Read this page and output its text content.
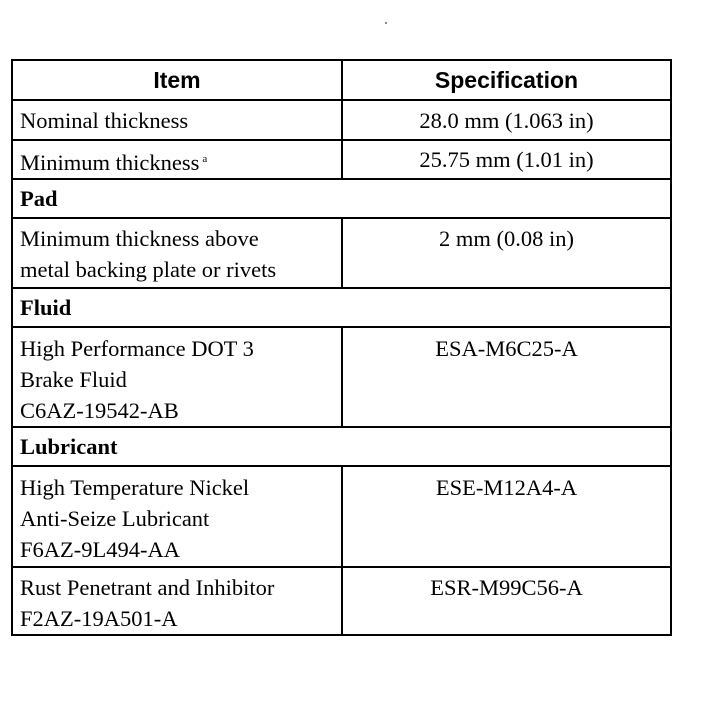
Item	Specification

Nominal thickness	28.0 mm (1.063 in)
Minimum thickness $^a$	25.75 mm (1.01 in)
Pad	

Minimum thickness above
metal backing plate or rivets	2 mm (0.08 in)
Fluid	

High Performance DOT 3
Brake Fluid
C6AZ-19542-AB	ESA-M6C25-A
Lubricant	

High Temperature Nickel
Anti-Seize Lubricant
F6AZ-9L494-AA	ESE-M12A4-A

Rust Penetrant and Inhibitor
F2AZ-19A501-A	ESR-M99C56-A
